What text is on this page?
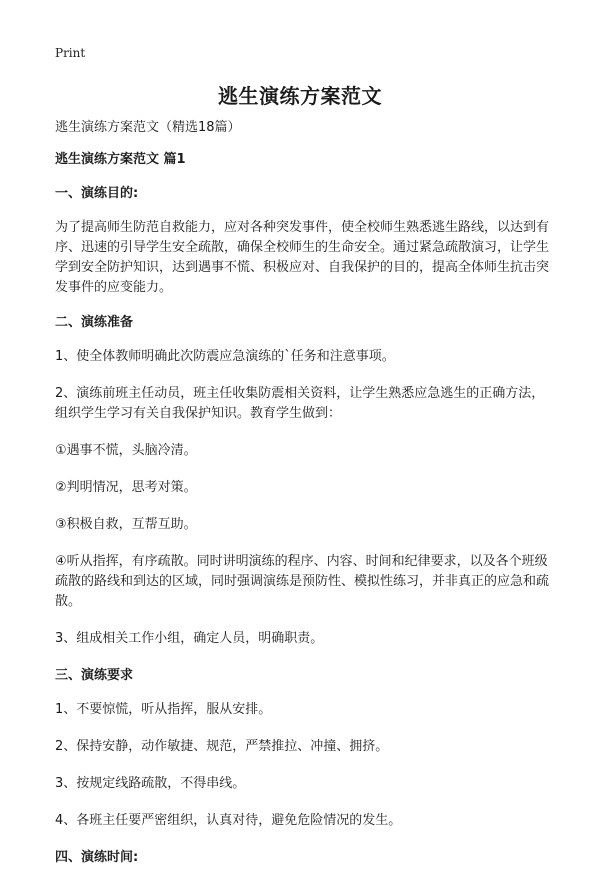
Print
逃生演练方案范文
逃生演练方案范文（精选18篇）
逃生演练方案范文 篇1
一、演练目的:
为了提高师生防范自救能力，应对各种突发事件，使全校师生熟悉逃生路线，以达到有序、迅速的引导学生安全疏散，确保全校师生的生命安全。通过紧急疏散演习，让学生学到安全防护知识，达到遇事不慌、积极应对、自我保护的目的，提高全体师生抗击突发事件的应变能力。
二、演练准备
1、使全体教师明确此次防震应急演练的`任务和注意事项。
2、演练前班主任动员，班主任收集防震相关资料，让学生熟悉应急逃生的正确方法，组织学生学习有关自我保护知识。教育学生做到：
①遇事不慌，头脑冷清。
②判明情况，思考对策。
③积极自救，互帮互助。
④听从指挥，有序疏散。同时讲明演练的程序、内容、时间和纪律要求，以及各个班级疏散的路线和到达的区域，同时强调演练是预防性、模拟性练习，并非真正的应急和疏散。
3、组成相关工作小组，确定人员，明确职责。
三、演练要求
1、不要惊慌，听从指挥，服从安排。
2、保持安静，动作敏捷、规范，严禁推拉、冲撞、拥挤。
3、按规定线路疏散，不得串线。
4、各班主任要严密组织，认真对待，避免危险情况的发生。
四、演练时间:
